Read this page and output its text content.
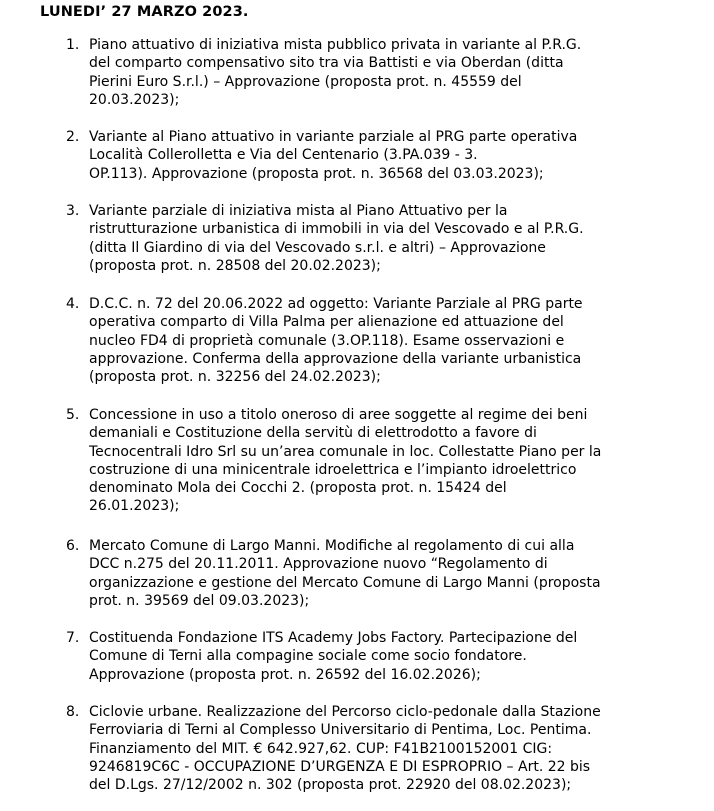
LUNEDI’ 27 MARZO 2023.
1. Piano attuativo di iniziativa mista pubblico privata in variante al P.R.G.
del comparto compensativo sito tra via Battisti e via Oberdan (ditta
Pierini Euro S.r.l.) – Approvazione (proposta prot. n. 45559 del
20.03.2023);
2. Variante al Piano attuativo in variante parziale al PRG parte operativa
Località Collerolletta e Via del Centenario (3.PA.039 - 3.
OP.113). Approvazione (proposta prot. n. 36568 del 03.03.2023);
3. Variante parziale di iniziativa mista al Piano Attuativo per la
ristrutturazione urbanistica di immobili in via del Vescovado e al P.R.G.
(ditta Il Giardino di via del Vescovado s.r.l. e altri) – Approvazione
(proposta prot. n. 28508 del 20.02.2023);
4. D.C.C. n. 72 del 20.06.2022 ad oggetto: Variante Parziale al PRG parte
operativa comparto di Villa Palma per alienazione ed attuazione del
nucleo FD4 di proprietà comunale (3.OP.118). Esame osservazioni e
approvazione. Conferma della approvazione della variante urbanistica
(proposta prot. n. 32256 del 24.02.2023);
5. Concessione in uso a titolo oneroso di aree soggette al regime dei beni
demaniali e Costituzione della servitù di elettrodotto a favore di
Tecnocentrali Idro Srl su un’area comunale in loc. Collestatte Piano per la
costruzione di una minicentrale idroelettrica e l’impianto idroelettrico
denominato Mola dei Cocchi 2. (proposta prot. n. 15424 del
26.01.2023);
6. Mercato Comune di Largo Manni. Modifiche al regolamento di cui alla
DCC n.275 del 20.11.2011. Approvazione nuovo “Regolamento di
organizzazione e gestione del Mercato Comune di Largo Manni (proposta
prot. n. 39569 del 09.03.2023);
7. Costituenda Fondazione ITS Academy Jobs Factory. Partecipazione del
Comune di Terni alla compagine sociale come socio fondatore.
Approvazione (proposta prot. n. 26592 del 16.02.2026);
8. Ciclovie urbane. Realizzazione del Percorso ciclo-pedonale dalla Stazione
Ferroviaria di Terni al Complesso Universitario di Pentima, Loc. Pentima.
Finanziamento del MIT. € 642.927,62. CUP: F41B2100152001 CIG:
9246819C6C - OCCUPAZIONE D’URGENZA E DI ESPROPRIO – Art. 22 bis
del D.Lgs. 27/12/2002 n. 302 (proposta prot. 22920 del 08.02.2023);
